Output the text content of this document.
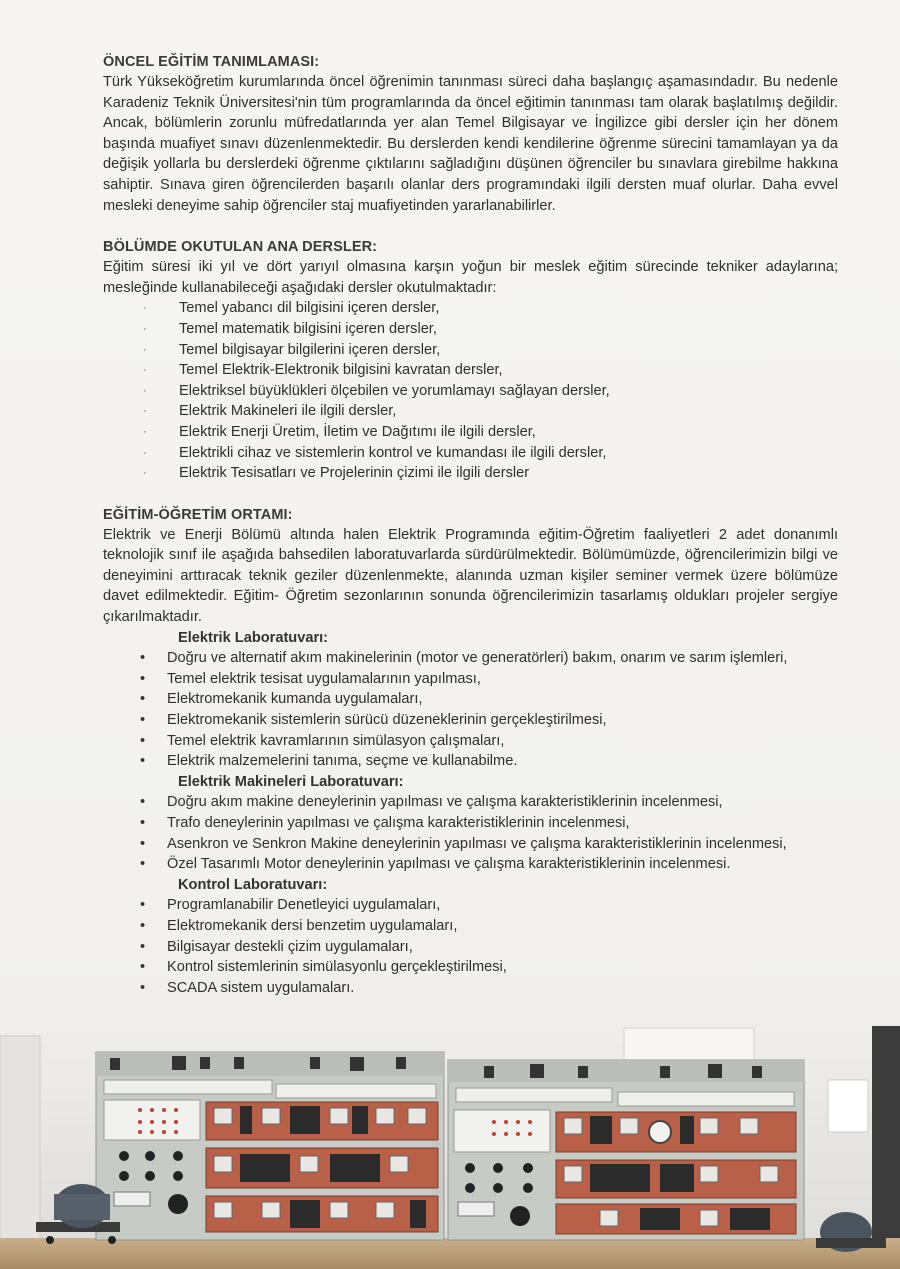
ÖNCEL EĞİTİM TANIMLAMASI:

Türk Yükseköğretim kurumlarında öncel öğrenimin tanınması süreci daha başlangıç aşamasındadır. Bu nedenle Karadeniz Teknik Üniversitesi'nin tüm programlarında da öncel eğitimin tanınması tam olarak başlatılmış değildir. Ancak, bölümlerin zorunlu müfredatlarında yer alan Temel Bilgisayar ve İngilizce gibi dersler için her dönem başında muafiyet sınavı düzenlenmektedir. Bu derslerden kendi kendilerine öğrenme sürecini tamamlayan ya da değişik yollarla bu derslerdeki öğrenme çıktılarını sağladığını düşünen öğrenciler bu sınavlara girebilme hakkına sahiptir. Sınava giren öğrencilerden başarılı olanlar ders programındaki ilgili dersten muaf olurlar. Daha evvel mesleki deneyime sahip öğrenciler staj muafiyetinden yararlanabilirler.

BÖLÜMDE OKUTULAN ANA DERSLER:

Eğitim süresi iki yıl ve dört yarıyıl olmasına karşın yoğun bir meslek eğitim sürecinde tekniker adaylarına; mesleğinde kullanabileceği aşağıdaki dersler okutulmaktadır:

· Temel yabancı dil bilgisini içeren dersler,
· Temel matematik bilgisini içeren dersler,
· Temel bilgisayar bilgilerini içeren dersler,
· Temel Elektrik-Elektronik bilgisini kavratan dersler,
· Elektriksel büyüklükleri ölçebilen ve yorumlamayı sağlayan dersler,
· Elektrik Makineleri ile ilgili dersler,
· Elektrik Enerji Üretim, İletim ve Dağıtımı ile ilgili dersler,
· Elektrikli cihaz ve sistemlerin kontrol ve kumandası ile ilgili dersler,
· Elektrik Tesisatları ve Projelerinin çizimi ile ilgili dersler
EĞİTİM-ÖĞRETİM ORTAMI:

Elektrik ve Enerji Bölümü altında halen Elektrik Programında eğitim-Öğretim faaliyetleri 2 adet donanımlı teknolojik sınıf ile aşağıda bahsedilen laboratuvarlarda sürdürülmektedir. Bölümümüzde, öğrencilerimizin bilgi ve deneyimini arttıracak teknik geziler düzenlenmekte, alanında uzman kişiler seminer vermek üzere bölümüze davet edilmektedir. Eğitim- Öğretim sezonlarının sonunda öğrencilerimizin tasarlamış oldukları projeler sergiye çıkarılmaktadır.

Elektrik Laboratuvarı:
• Doğru ve alternatif akım makinelerinin (motor ve generatörleri) bakım, onarım ve sarım işlemleri,
• Temel elektrik tesisat uygulamalarının yapılması,
• Elektromekanik kumanda uygulamaları,
• Elektromekanik sistemlerin sürücü düzeneklerinin gerçekleştirilmesi,
• Temel elektrik kavramlarının simülasyon çalışmaları,
• Elektrik malzemelerini tanıma, seçme ve kullanabilme.
Elektrik Makineleri Laboratuvarı:
• Doğru akım makine deneylerinin yapılması ve çalışma karakteristiklerinin incelenmesi,
• Trafo deneylerinin yapılması ve çalışma karakteristiklerinin incelenmesi,
• Asenkron ve Senkron Makine deneylerinin yapılması ve çalışma karakteristiklerinin incelenmesi,
• Özel Tasarımlı Motor deneylerinin yapılması ve çalışma karakteristiklerinin incelenmesi.
Kontrol Laboratuvarı:
• Programlanabilir Denetleyici uygulamaları,
• Elektromekanik dersi benzetim uygulamaları,
• Bilgisayar destekli çizim uygulamaları,
• Kontrol sistemlerinin simülasyonlu gerçekleştirilmesi,
• SCADA sistem uygulamaları.
